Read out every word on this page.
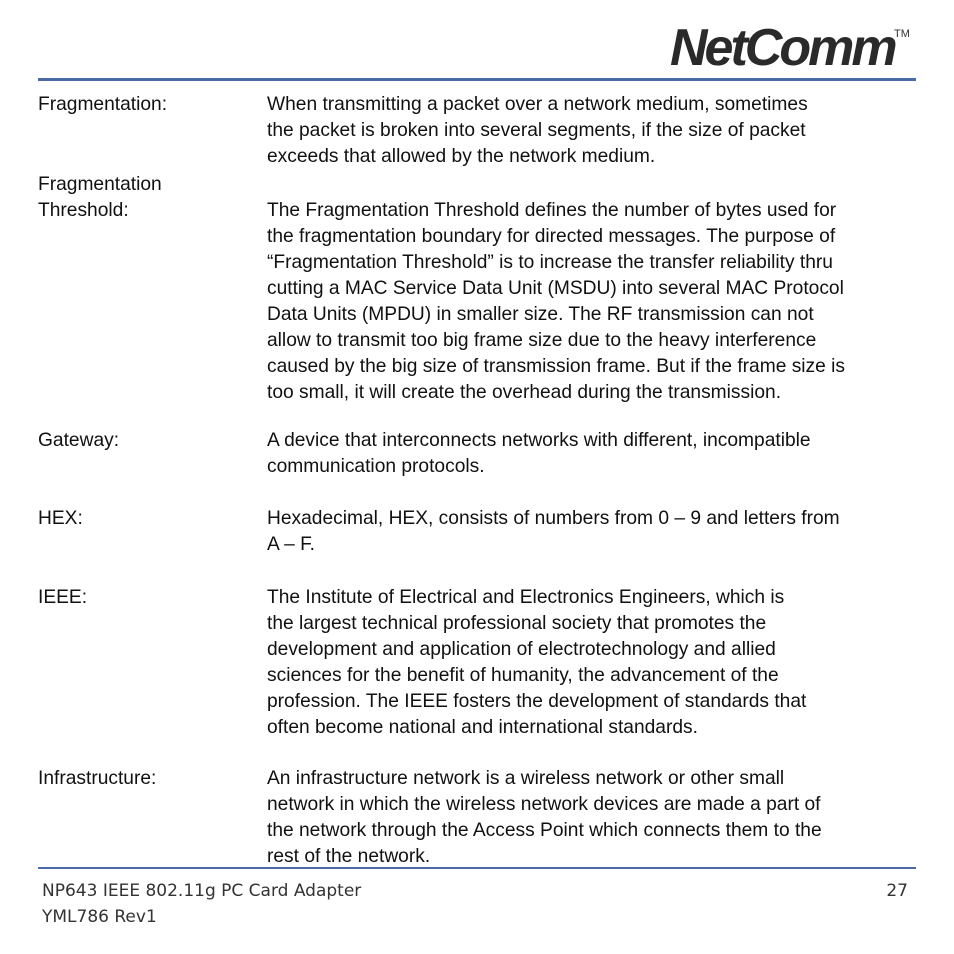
NetComm TM
Fragmentation:	When transmitting a packet over a network medium, sometimes
the packet is broken into several segments, if the size of packet
exceeds that allowed by the network medium.
Fragmentation
Threshold:	The Fragmentation Threshold defines the number of bytes used for
the fragmentation boundary for directed messages. The purpose of
“Fragmentation Threshold” is to increase the transfer reliability thru
cutting a MAC Service Data Unit (MSDU) into several MAC Protocol
Data Units (MPDU) in smaller size. The RF transmission can not
allow to transmit too big frame size due to the heavy interference
caused by the big size of transmission frame. But if the frame size is
too small, it will create the overhead during the transmission.
Gateway:	A device that interconnects networks with different, incompatible
communication protocols.
HEX:	Hexadecimal, HEX, consists of numbers from 0 – 9 and letters from
A – F.
IEEE:	The Institute of Electrical and Electronics Engineers, which is
the largest technical professional society that promotes the
development and application of electrotechnology and allied
sciences for the benefit of humanity, the advancement of the
profession. The IEEE fosters the development of standards that
often become national and international standards.
Infrastructure:	An infrastructure network is a wireless network or other small
network in which the wireless network devices are made a part of
the network through the Access Point which connects them to the
rest of the network.
NP643 IEEE 802.11g PC Card Adapter
YML786 Rev1
27
